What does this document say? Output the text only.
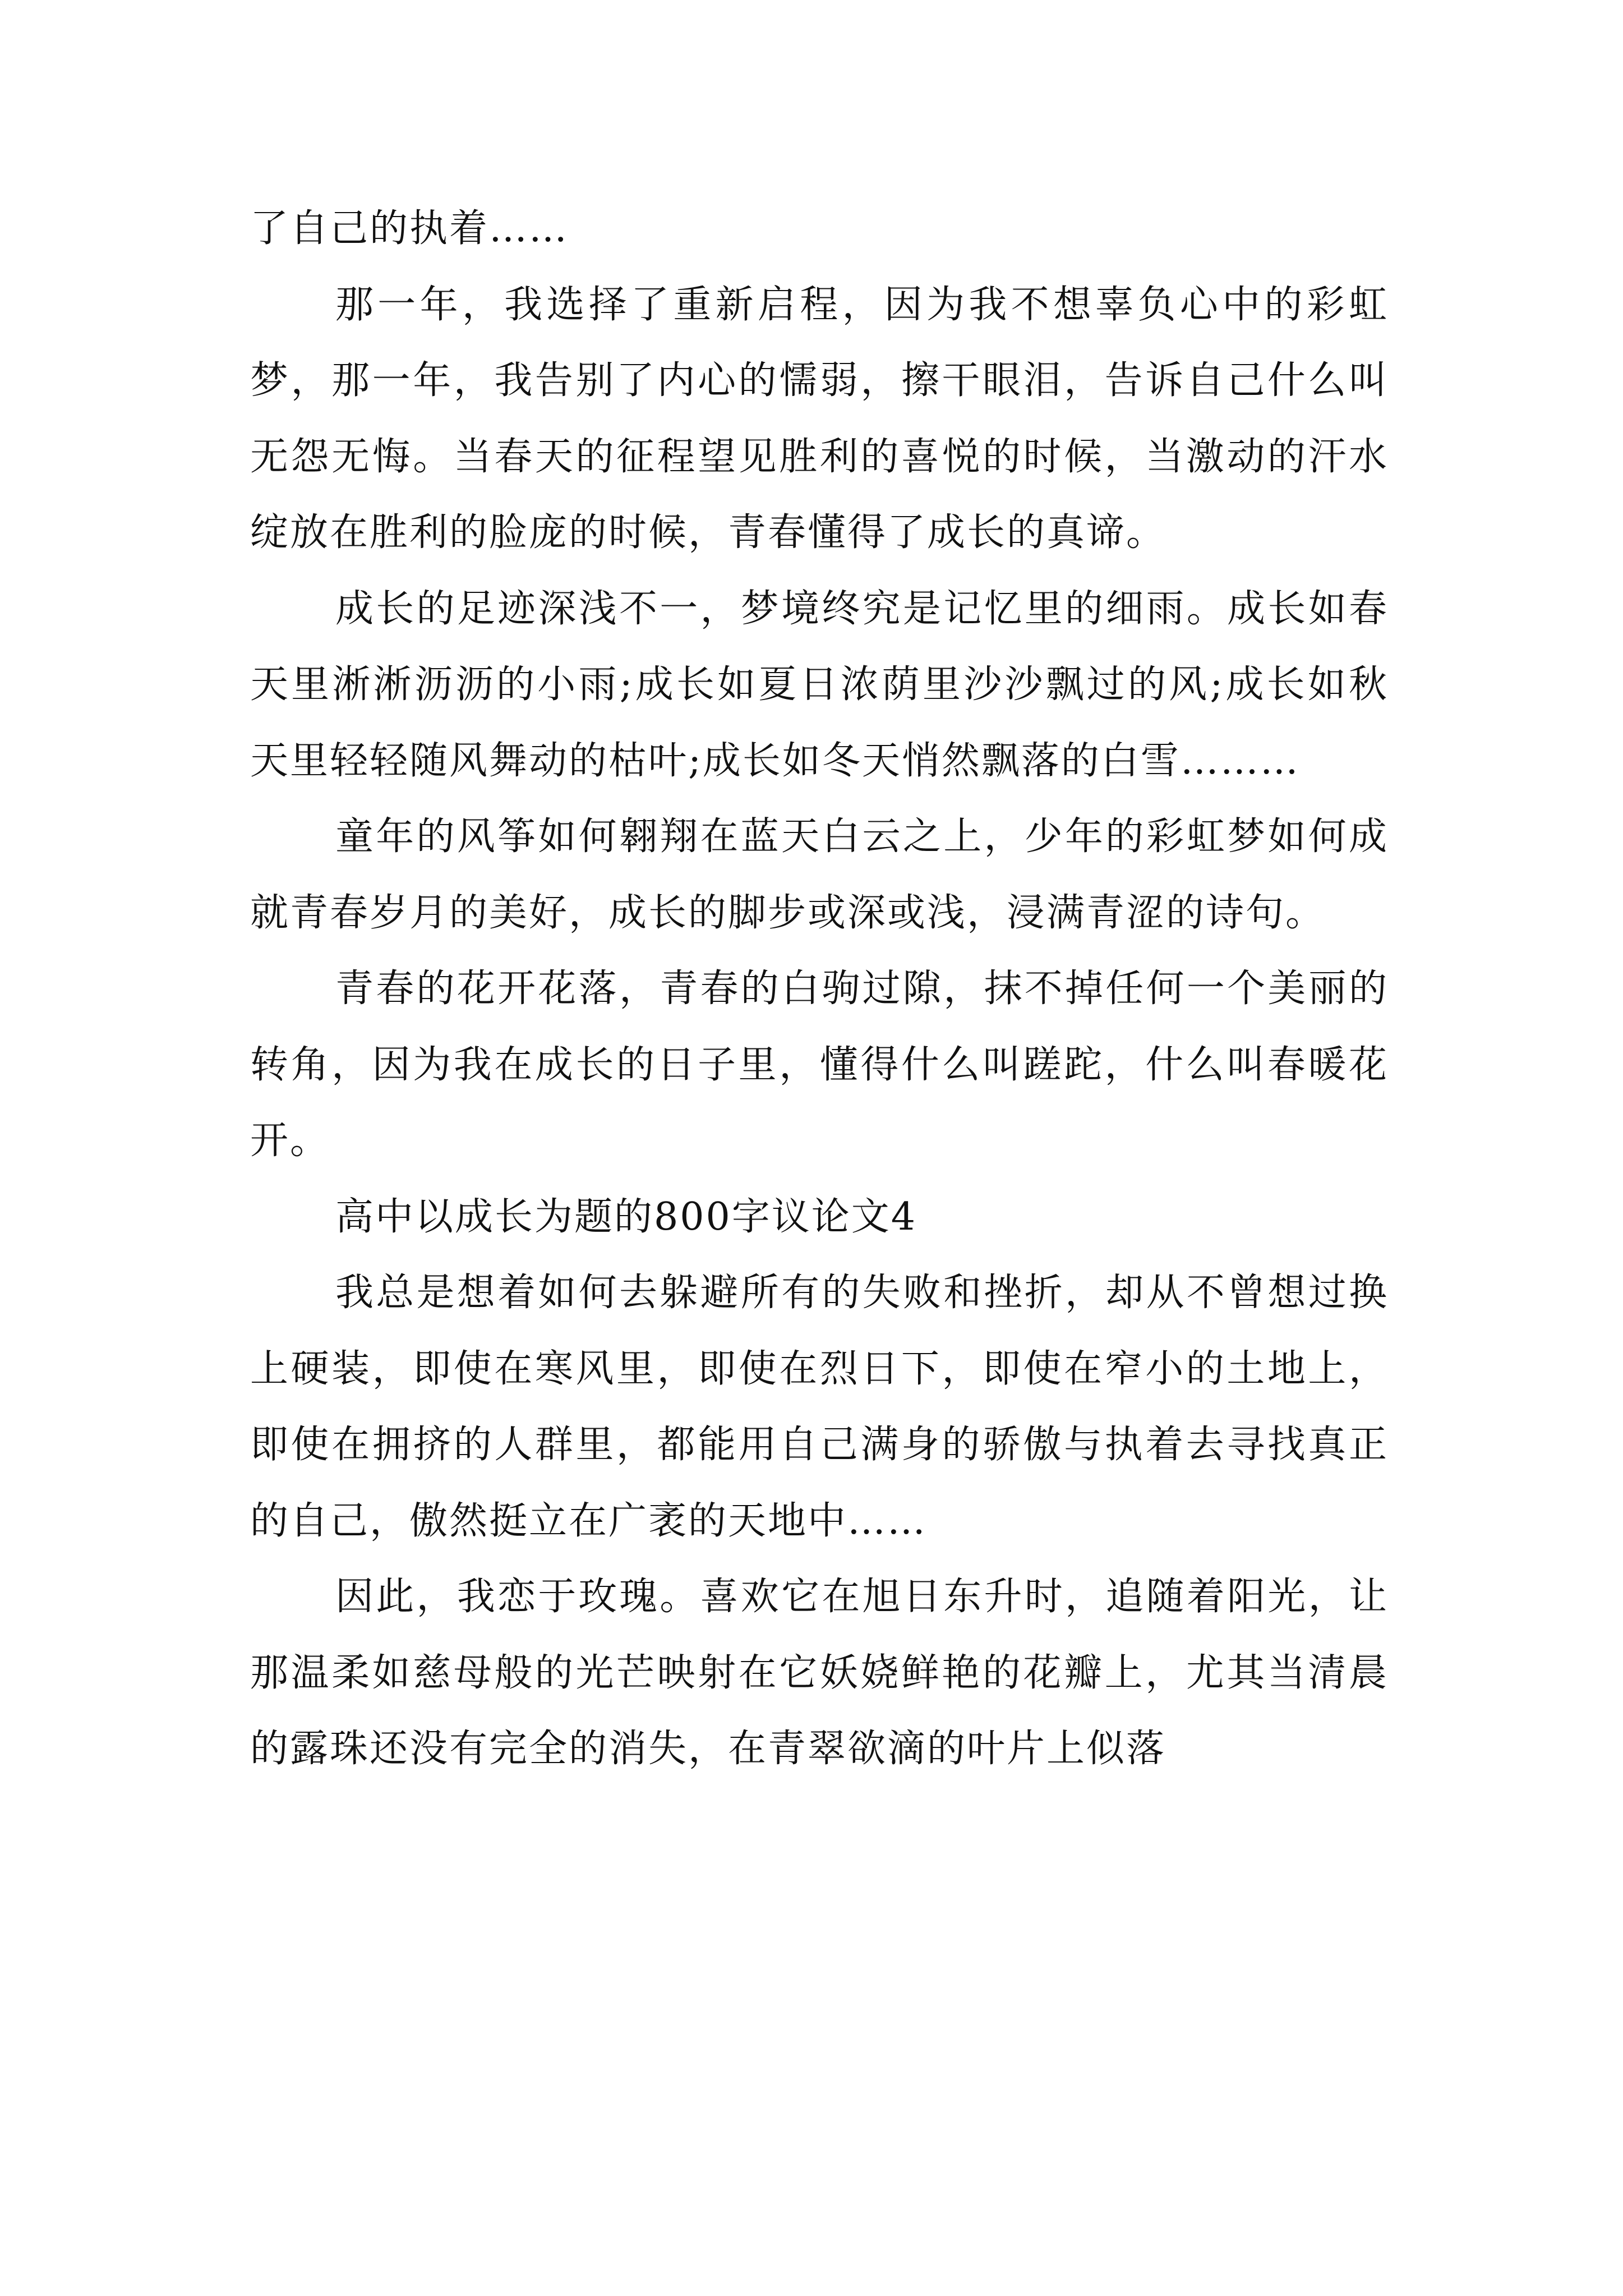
了自己的执着……

那一年，我选择了重新启程，因为我不想辜负心中的彩虹梦，那一年，我告别了内心的懦弱，擦干眼泪，告诉自己什么叫无怨无悔。当春天的征程望见胜利的喜悦的时候，当激动的汗水绽放在胜利的脸庞的时候，青春懂得了成长的真谛。

成长的足迹深浅不一，梦境终究是记忆里的细雨。成长如春天里淅淅沥沥的小雨;成长如夏日浓荫里沙沙飘过的风;成长如秋天里轻轻随风舞动的枯叶;成长如冬天悄然飘落的白雪………

童年的风筝如何翱翔在蓝天白云之上，少年的彩虹梦如何成就青春岁月的美好，成长的脚步或深或浅，浸满青涩的诗句。

青春的花开花落，青春的白驹过隙，抹不掉任何一个美丽的转角，因为我在成长的日子里，懂得什么叫蹉跎，什么叫春暖花开。

高中以成长为题的800字议论文4

我总是想着如何去躲避所有的失败和挫折，却从不曾想过换上硬装，即使在寒风里，即使在烈日下，即使在窄小的土地上，即使在拥挤的人群里，都能用自己满身的骄傲与执着去寻找真正的自己，傲然挺立在广袤的天地中……

因此，我恋于玫瑰。喜欢它在旭日东升时，追随着阳光，让那温柔如慈母般的光芒映射在它妖娆鲜艳的花瓣上，尤其当清晨的露珠还没有完全的消失，在青翠欲滴的叶片上似落
